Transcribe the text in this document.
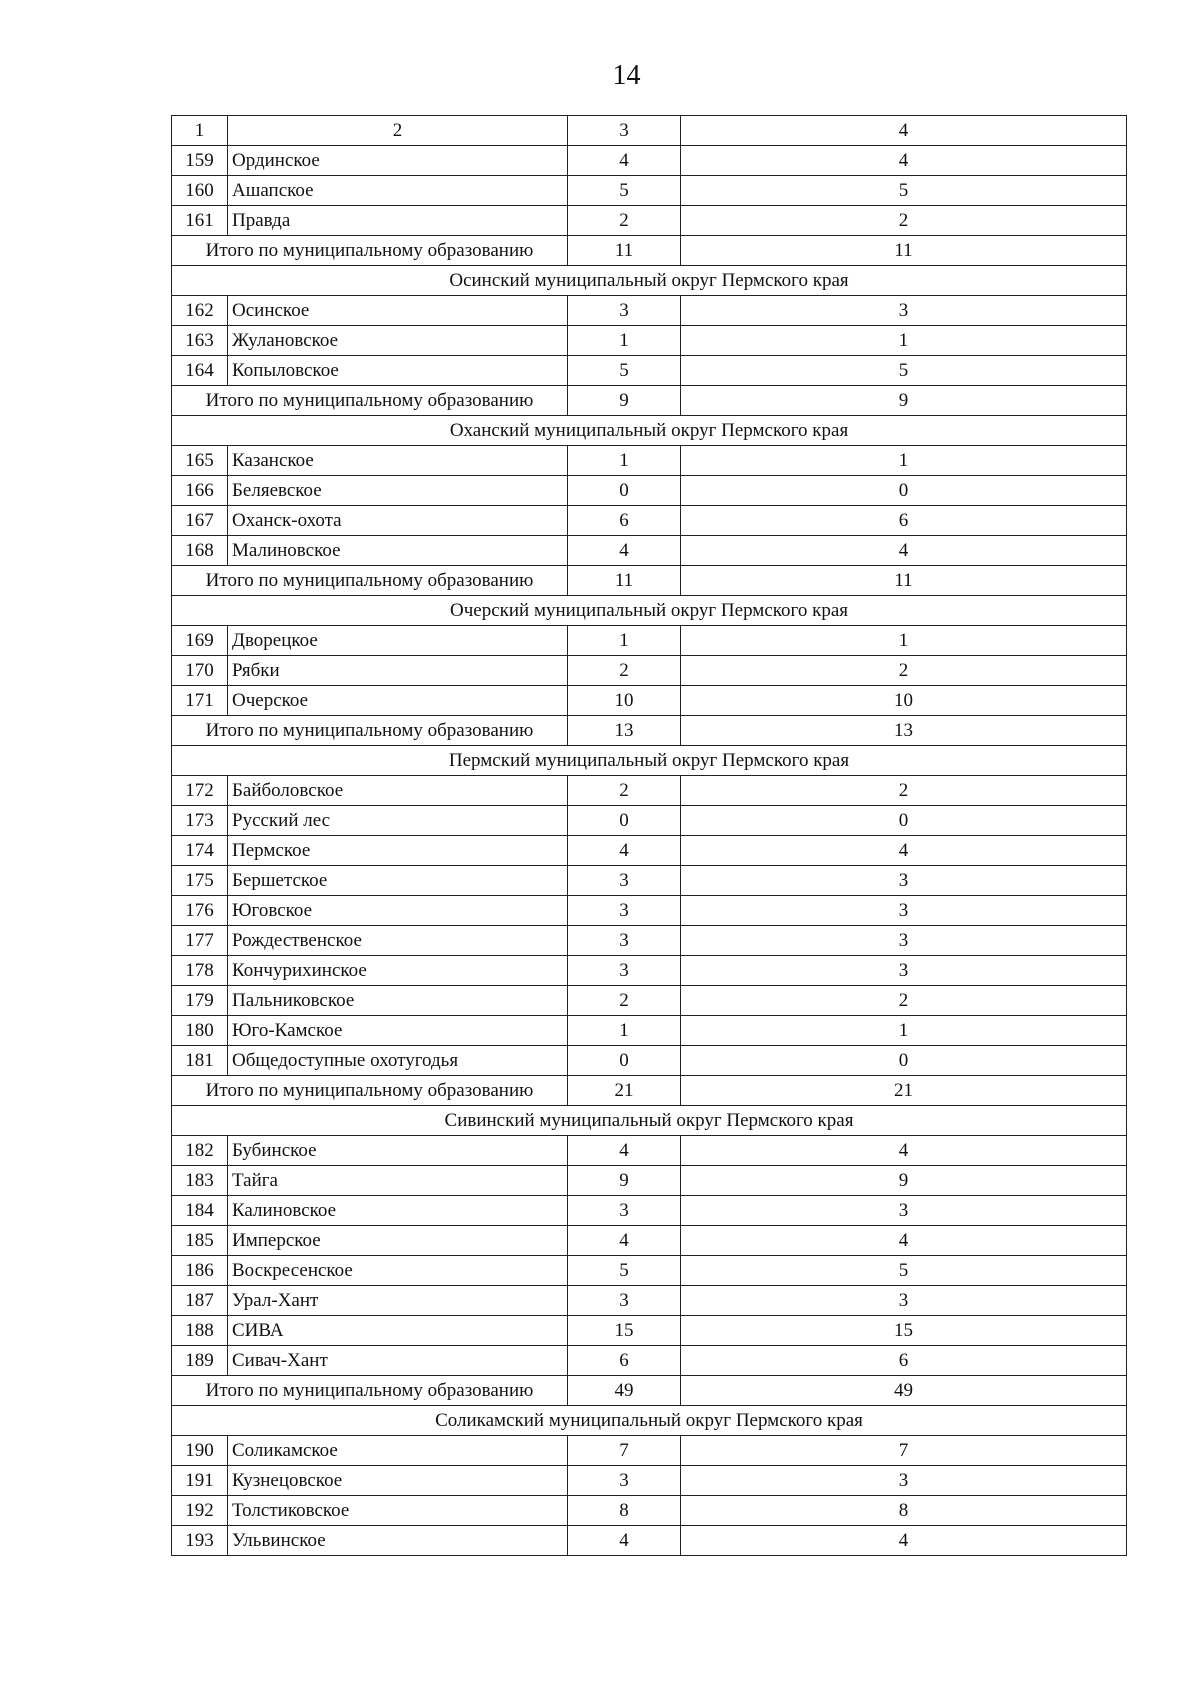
14
1	2	3	4
159	Ординское	4	4
160	Ашапское	5	5
161	Правда	2	2
Итого по муниципальному образованию		11	11
Осинский муниципальный округ Пермского края			
162	Осинское	3	3
163	Жулановское	1	1
164	Копыловское	5	5
Итого по муниципальному образованию		9	9
Оханский муниципальный округ Пермского края			
165	Казанское	1	1
166	Беляевское	0	0
167	Оханск-охота	6	6
168	Малиновское	4	4
Итого по муниципальному образованию		11	11
Очерский муниципальный округ Пермского края			
169	Дворецкое	1	1
170	Рябки	2	2
171	Очерское	10	10
Итого по муниципальному образованию		13	13
Пермский муниципальный округ Пермского края			
172	Байболовское	2	2
173	Русский лес	0	0
174	Пермское	4	4
175	Бершетское	3	3
176	Юговское	3	3
177	Рождественское	3	3
178	Кончурихинское	3	3
179	Пальниковское	2	2
180	Юго-Камское	1	1
181	Общедоступные охотугодья	0	0
Итого по муниципальному образованию		21	21
Сивинский муниципальный округ Пермского края			
182	Бубинское	4	4
183	Тайга	9	9
184	Калиновское	3	3
185	Имперское	4	4
186	Воскресенское	5	5
187	Урал-Хант	3	3
188	СИВА	15	15
189	Сивач-Хант	6	6
Итого по муниципальному образованию		49	49
Соликамский муниципальный округ Пермского края			
190	Соликамское	7	7
191	Кузнецовское	3	3
192	Толстиковское	8	8
193	Ульвинское	4	4
